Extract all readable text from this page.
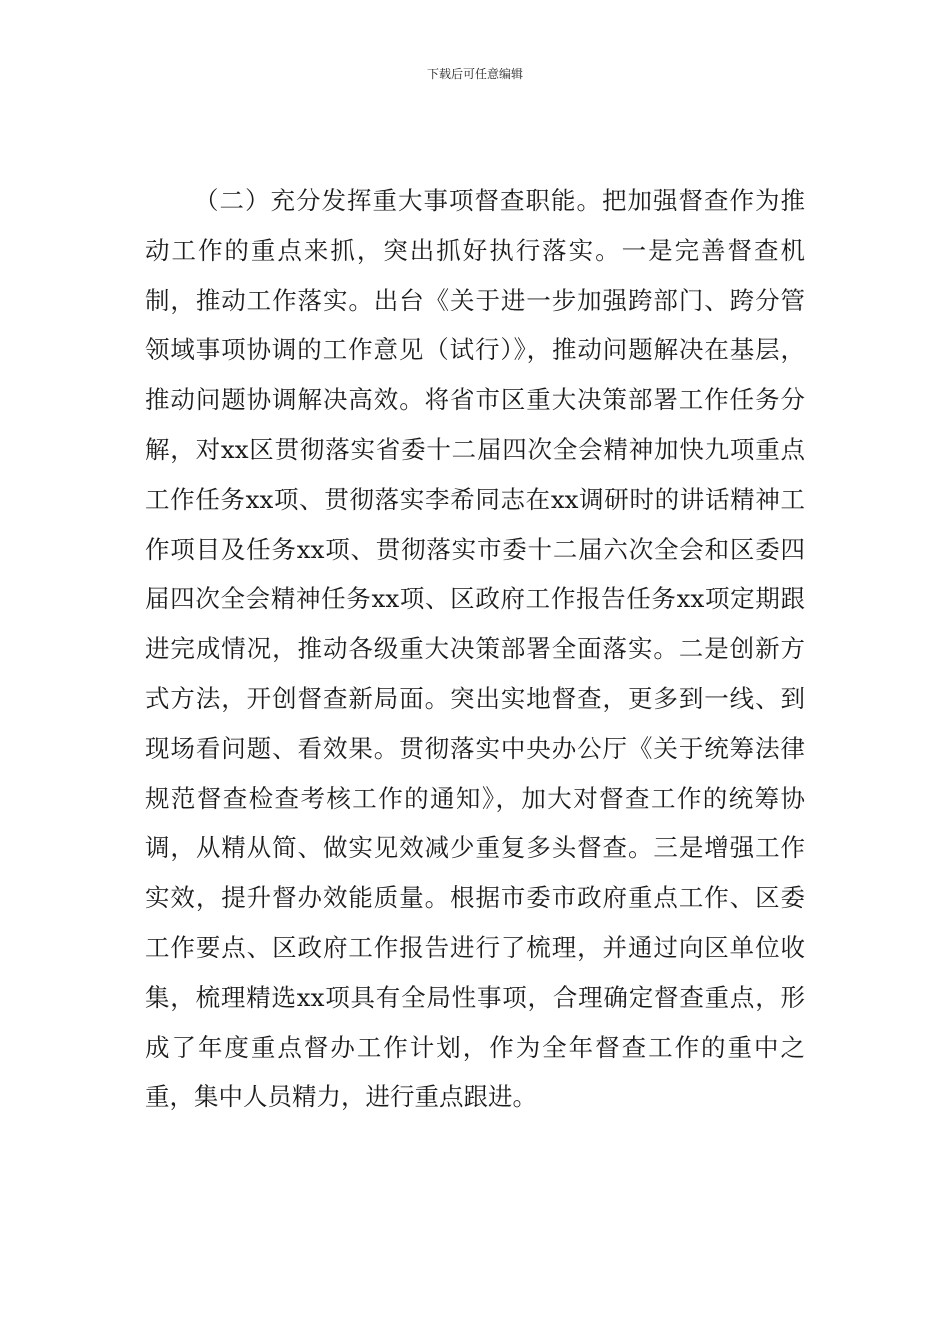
下载后可任意编辑

（二）充分发挥重大事项督查职能。把加强督查作为推动工作的重点来抓，突出抓好执行落实。一是完善督查机制，推动工作落实。出台《关于进一步加强跨部门、跨分管领域事项协调的工作意见（试行）》，推动问题解决在基层，推动问题协调解决高效。将省市区重大决策部署工作任务分解，对xx区贯彻落实省委十二届四次全会精神加快九项重点工作任务xx项、贯彻落实李希同志在xx调研时的讲话精神工作项目及任务xx项、贯彻落实市委十二届六次全会和区委四届四次全会精神任务xx项、区政府工作报告任务xx项定期跟进完成情况，推动各级重大决策部署全面落实。二是创新方式方法，开创督查新局面。突出实地督查，更多到一线、到现场看问题、看效果。贯彻落实中央办公厅《关于统筹法律规范督查检查考核工作的通知》，加大对督查工作的统筹协调，从精从简、做实见效减少重复多头督查。三是增强工作实效，提升督办效能质量。根据市委市政府重点工作、区委工作要点、区政府工作报告进行了梳理，并通过向区单位收集，梳理精选xx项具有全局性事项，合理确定督查重点，形成了年度重点督办工作计划，作为全年督查工作的重中之重，集中人员精力，进行重点跟进。
